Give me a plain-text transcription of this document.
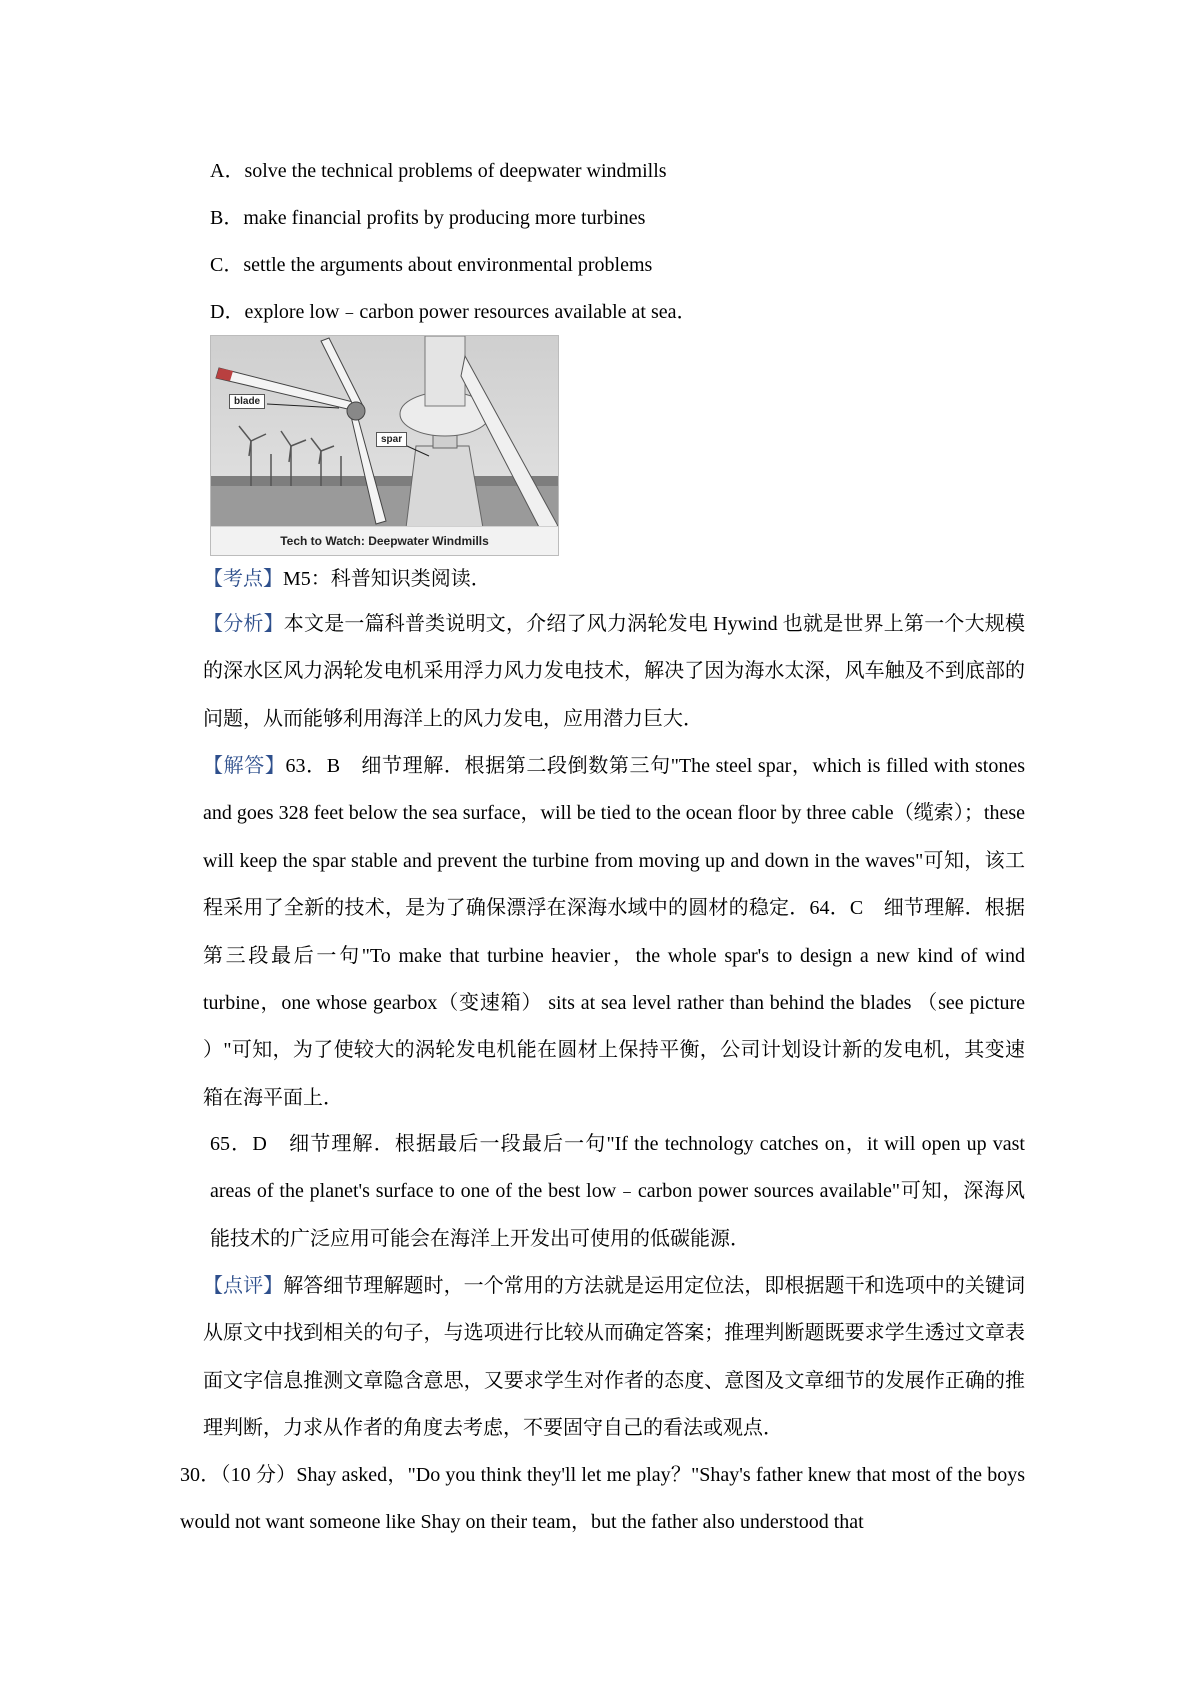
A．solve the technical problems of deepwater windmills
B．make financial profits by producing more turbines
C．settle the arguments about environmental problems
D．explore low﹣carbon power resources available at sea．
blade
spar
Tech to Watch: Deepwater Windmills
【考点】M5：科普知识类阅读．
【分析】本文是一篇科普类说明文，介绍了风力涡轮发电 Hywind 也就是世界上第一个大规模的深水区风力涡轮发电机采用浮力风力发电技术，解决了因为海水太深，风车触及不到底部的问题，从而能够利用海洋上的风力发电，应用潜力巨大．
【解答】63．B　细节理解．根据第二段倒数第三句"The steel spar，which is filled with stones and goes 328 feet below the sea surface，will be tied to the ocean floor by three cable（缆索）；these will keep the spar stable and prevent the turbine from moving up and down in the waves"可知，该工程采用了全新的技术，是为了确保漂浮在深海水域中的圆材的稳定．64．C　细节理解．根据第三段最后一句"To make that turbine heavier，the whole spar's to design a new kind of wind turbine，one whose gearbox（变速箱） sits at sea level rather than behind the blades （see picture ）"可知，为了使较大的涡轮发电机能在圆材上保持平衡，公司计划设计新的发电机，其变速箱在海平面上．
65．D　细节理解．根据最后一段最后一句"If the technology catches on，it will open up vast areas of the planet's surface to one of the best low﹣carbon power sources available"可知，深海风能技术的广泛应用可能会在海洋上开发出可使用的低碳能源．
【点评】解答细节理解题时，一个常用的方法就是运用定位法，即根据题干和选项中的关键词从原文中找到相关的句子，与选项进行比较从而确定答案；推理判断题既要求学生透过文章表面文字信息推测文章隐含意思，又要求学生对作者的态度、意图及文章细节的发展作正确的推理判断，力求从作者的角度去考虑，不要固守自己的看法或观点．
30．（10 分）Shay asked，"Do you think they'll let me play？"Shay's father knew that most of the boys would not want someone like Shay on their team，but the father also understood that
